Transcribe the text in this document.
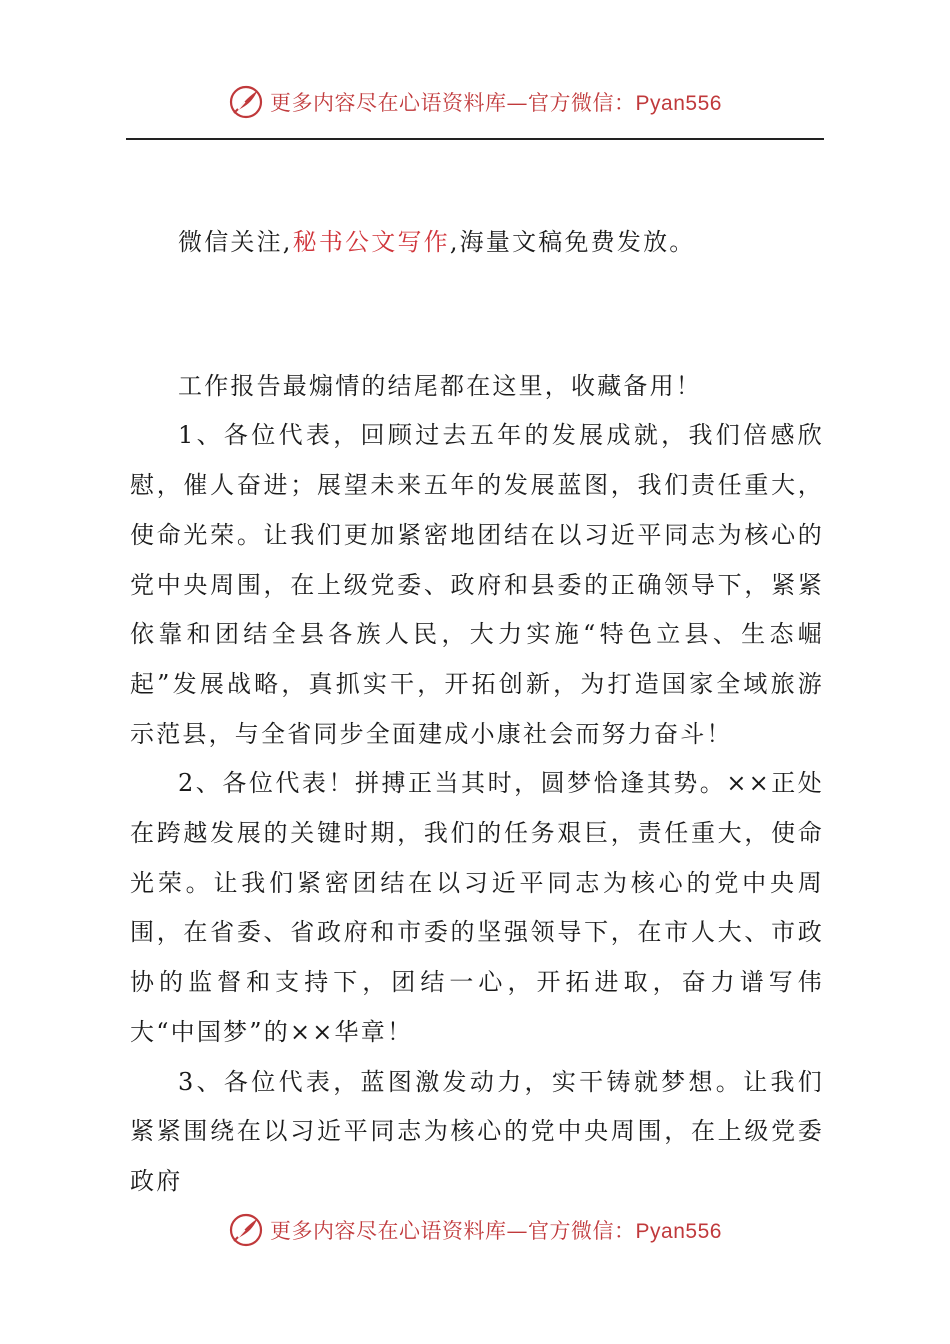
更多内容尽在心语资料库—官方微信：Pyan556

微信关注,秘书公文写作,海量文稿免费发放。

工作报告最煽情的结尾都在这里，收藏备用！

1、各位代表，回顾过去五年的发展成就，我们倍感欣慰，催人奋进；展望未来五年的发展蓝图，我们责任重大，使命光荣。让我们更加紧密地团结在以习近平同志为核心的党中央周围，在上级党委、政府和县委的正确领导下，紧紧依靠和团结全县各族人民，大力实施“特色立县、生态崛起”发展战略，真抓实干，开拓创新，为打造国家全域旅游示范县，与全省同步全面建成小康社会而努力奋斗！

2、各位代表！拼搏正当其时，圆梦恰逢其势。××正处在跨越发展的关键时期，我们的任务艰巨，责任重大，使命光荣。让我们紧密团结在以习近平同志为核心的党中央周围，在省委、省政府和市委的坚强领导下，在市人大、市政协的监督和支持下，团结一心，开拓进取，奋力谱写伟大“中国梦”的××华章！

3、各位代表，蓝图激发动力，实干铸就梦想。让我们紧紧围绕在以习近平同志为核心的党中央周围，在上级党委政府

更多内容尽在心语资料库—官方微信：Pyan556
